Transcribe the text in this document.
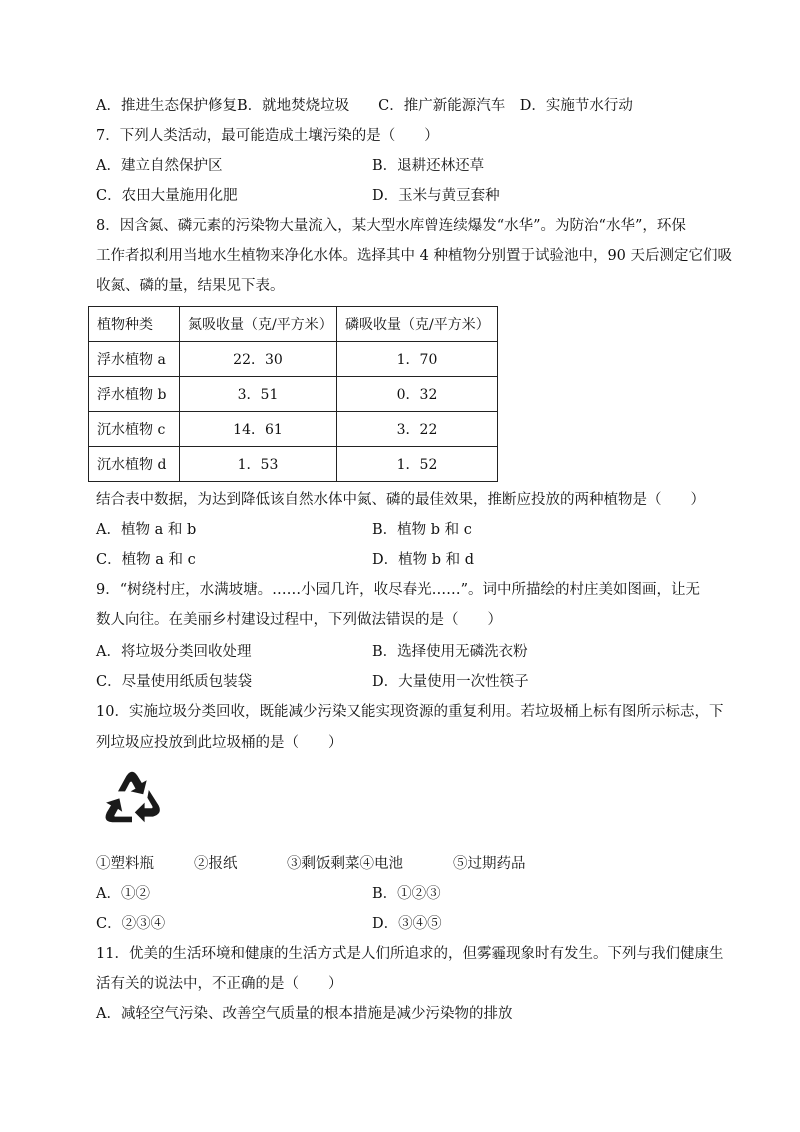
A．推进生态保护修复B．就地焚烧垃圾　　C．推广新能源汽车　D．实施节水行动
7．下列人类活动，最可能造成土壤污染的是（　　）
A．建立自然保护区	B．退耕还林还草
C．农田大量施用化肥	D．玉米与黄豆套种
8．因含氮、磷元素的污染物大量流入，某大型水库曾连续爆发“水华”。为防治“水华”，环保
工作者拟利用当地水生植物来净化水体。选择其中 4 种植物分别置于试验池中，90 天后测定它们吸
收氮、磷的量，结果见下表。
植物种类	氮吸收量（克/平方米）	磷吸收量（克/平方米）
浮水植物 a	22．30	1．70
浮水植物 b	3．51	0．32
沉水植物 c	14．61	3．22
沉水植物 d	1．53	1．52
结合表中数据，为达到降低该自然水体中氮、磷的最佳效果，推断应投放的两种植物是（　　）
A．植物 a 和 b	B．植物 b 和 c
C．植物 a 和 c	D．植物 b 和 d
9．“树绕村庄，水满坡塘。……小园几许，收尽春光……”。词中所描绘的村庄美如图画，让无
数人向往。在美丽乡村建设过程中，下列做法错误的是（　　）
A．将垃圾分类回收处理	B．选择使用无磷洗衣粉
C．尽量使用纸质包装袋	D．大量使用一次性筷子
10．实施垃圾分类回收，既能减少污染又能实现资源的重复利用。若垃圾桶上标有图所示标志，下
列垃圾应投放到此垃圾桶的是（　　）
①塑料瓶	②报纸	③剩饭剩菜④电池	⑤过期药品
A．①②	B．①②③
C．②③④	D．③④⑤
11．优美的生活环境和健康的生活方式是人们所追求的，但雾霾现象时有发生。下列与我们健康生
活有关的说法中，不正确的是（　　）
A．减轻空气污染、改善空气质量的根本措施是减少污染物的排放
